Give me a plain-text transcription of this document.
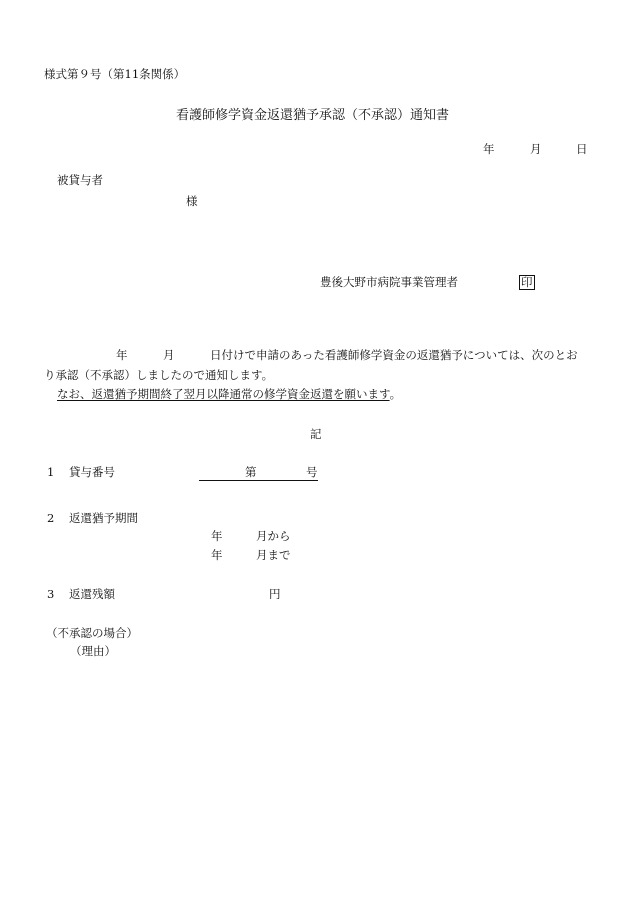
様式第９号（第11条関係）
看護師修学資金返還猶予承認（不承認）通知書
年	月	日
被貸与者
様
豊後大野市病院事業管理者	印
年	月	日付けで申請のあった看護師修学資金の返還猶予については、次のとお
り承認（不承認）しましたので通知します。
なお、返還猶予期間終了翌月以降通常の修学資金返還を願います。
記
1 貸与番号	第	号
2 返還猶予期間
年	月から
年	月まで
3 返還残額	円
（不承認の場合）
（理由）
